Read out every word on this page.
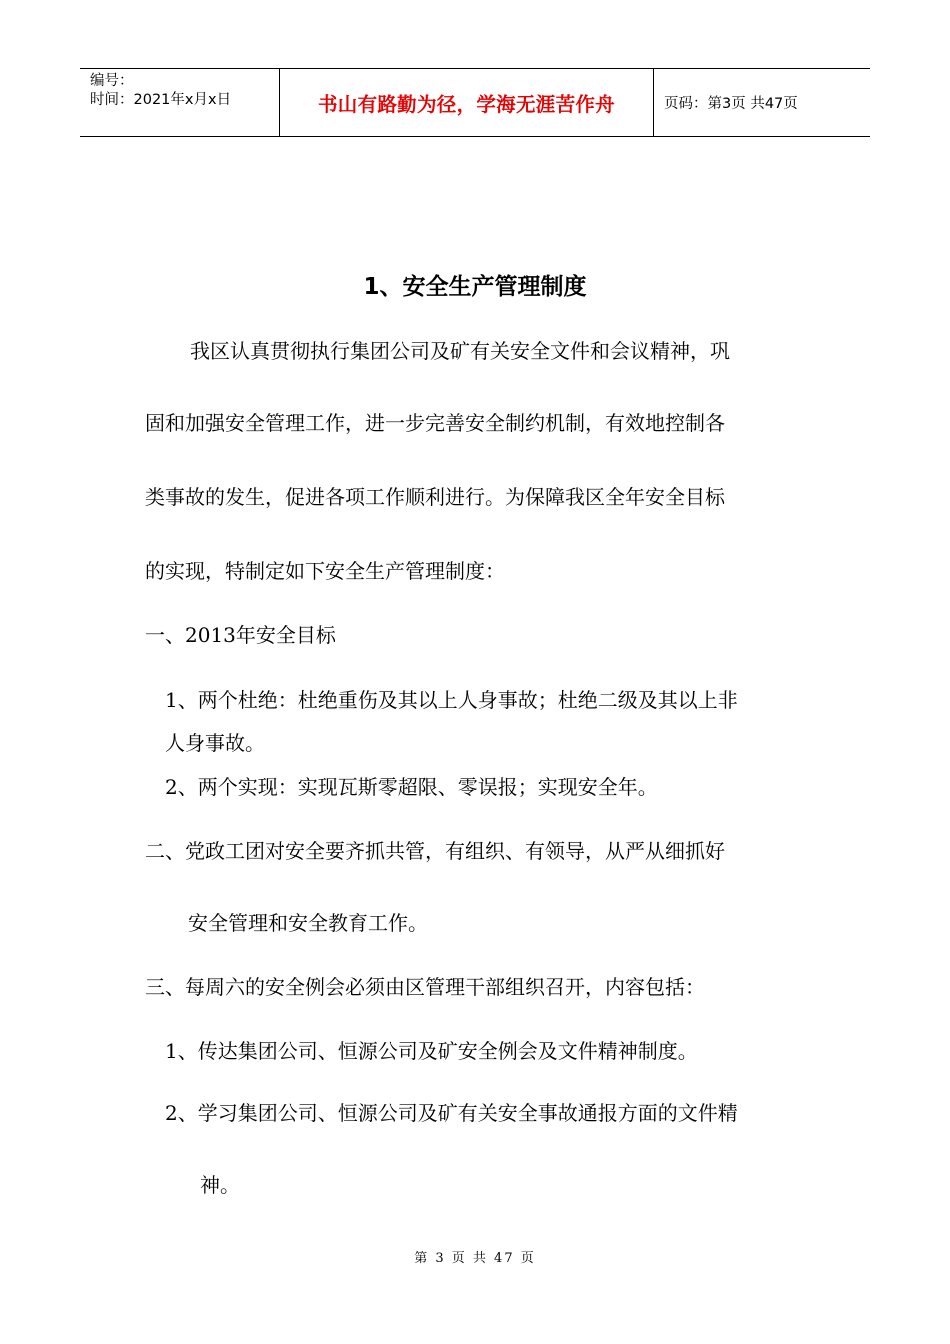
编号：
时间：2021年x月x日	书山有路勤为径，学海无涯苦作舟	页码：第3页 共47页
1、安全生产管理制度
我区认真贯彻执行集团公司及矿有关安全文件和会议精神，巩
固和加强安全管理工作，进一步完善安全制约机制，有效地控制各
类事故的发生，促进各项工作顺利进行。为保障我区全年安全目标
的实现，特制定如下安全生产管理制度：
一、2013年安全目标
1、两个杜绝：杜绝重伤及其以上人身事故；杜绝二级及其以上非
人身事故。
2、两个实现：实现瓦斯零超限、零误报；实现安全年。
二、党政工团对安全要齐抓共管，有组织、有领导，从严从细抓好
安全管理和安全教育工作。
三、每周六的安全例会必须由区管理干部组织召开，内容包括：
1、传达集团公司、恒源公司及矿安全例会及文件精神制度。
2、学习集团公司、恒源公司及矿有关安全事故通报方面的文件精
神。
第 3 页 共 47 页
